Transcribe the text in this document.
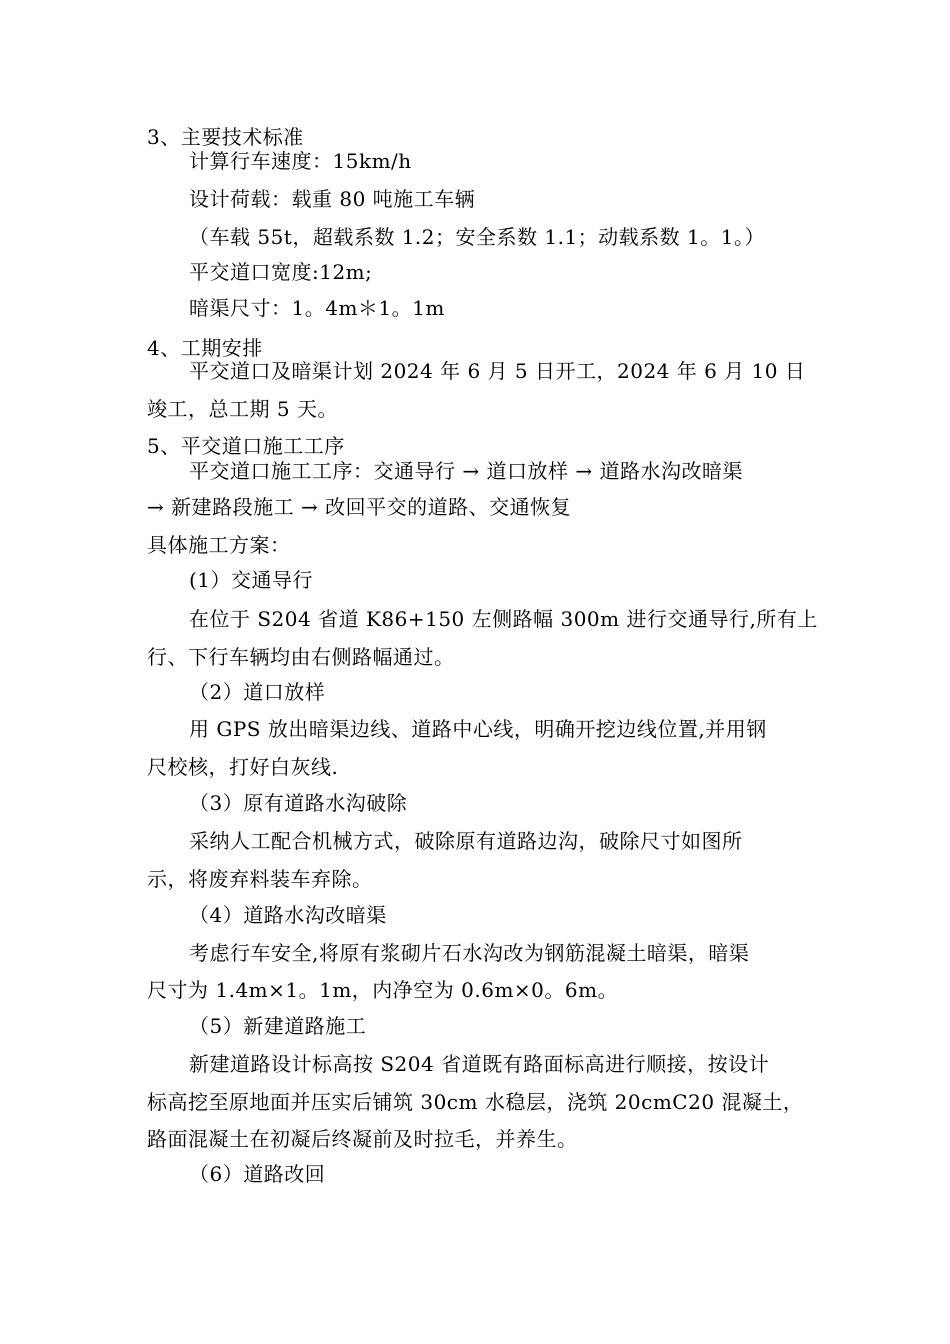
3、主要技术标准
计算行车速度：15km/h
设计荷载：载重 80 吨施工车辆
（车载 55t，超载系数 1.2；安全系数 1.1；动载系数 1。1。）
平交道口宽度:12m;
暗渠尺寸：1。4m＊1。1m
4、工期安排
平交道口及暗渠计划 2024 年 6 月 5 日开工，2024 年 6 月 10 日
竣工，总工期 5 天。
5、平交道口施工工序
平交道口施工工序：交通导行 → 道口放样 → 道路水沟改暗渠
→ 新建路段施工 → 改回平交的道路、交通恢复
具体施工方案：
(1）交通导行
在位于 S204 省道 K86+150 左侧路幅 300m 进行交通导行,所有上
行、下行车辆均由右侧路幅通过。
（2）道口放样
用 GPS 放出暗渠边线、道路中心线，明确开挖边线位置,并用钢
尺校核，打好白灰线.
（3）原有道路水沟破除
采纳人工配合机械方式，破除原有道路边沟，破除尺寸如图所
示，将废弃料装车弃除。
（4）道路水沟改暗渠
考虑行车安全,将原有浆砌片石水沟改为钢筋混凝土暗渠，暗渠
尺寸为 1.4m×1。1m，内净空为 0.6m×0。6m。
（5）新建道路施工
新建道路设计标高按 S204 省道既有路面标高进行顺接，按设计
标高挖至原地面并压实后铺筑 30cm 水稳层，浇筑 20cmC20 混凝土，
路面混凝土在初凝后终凝前及时拉毛，并养生。
（6）道路改回
